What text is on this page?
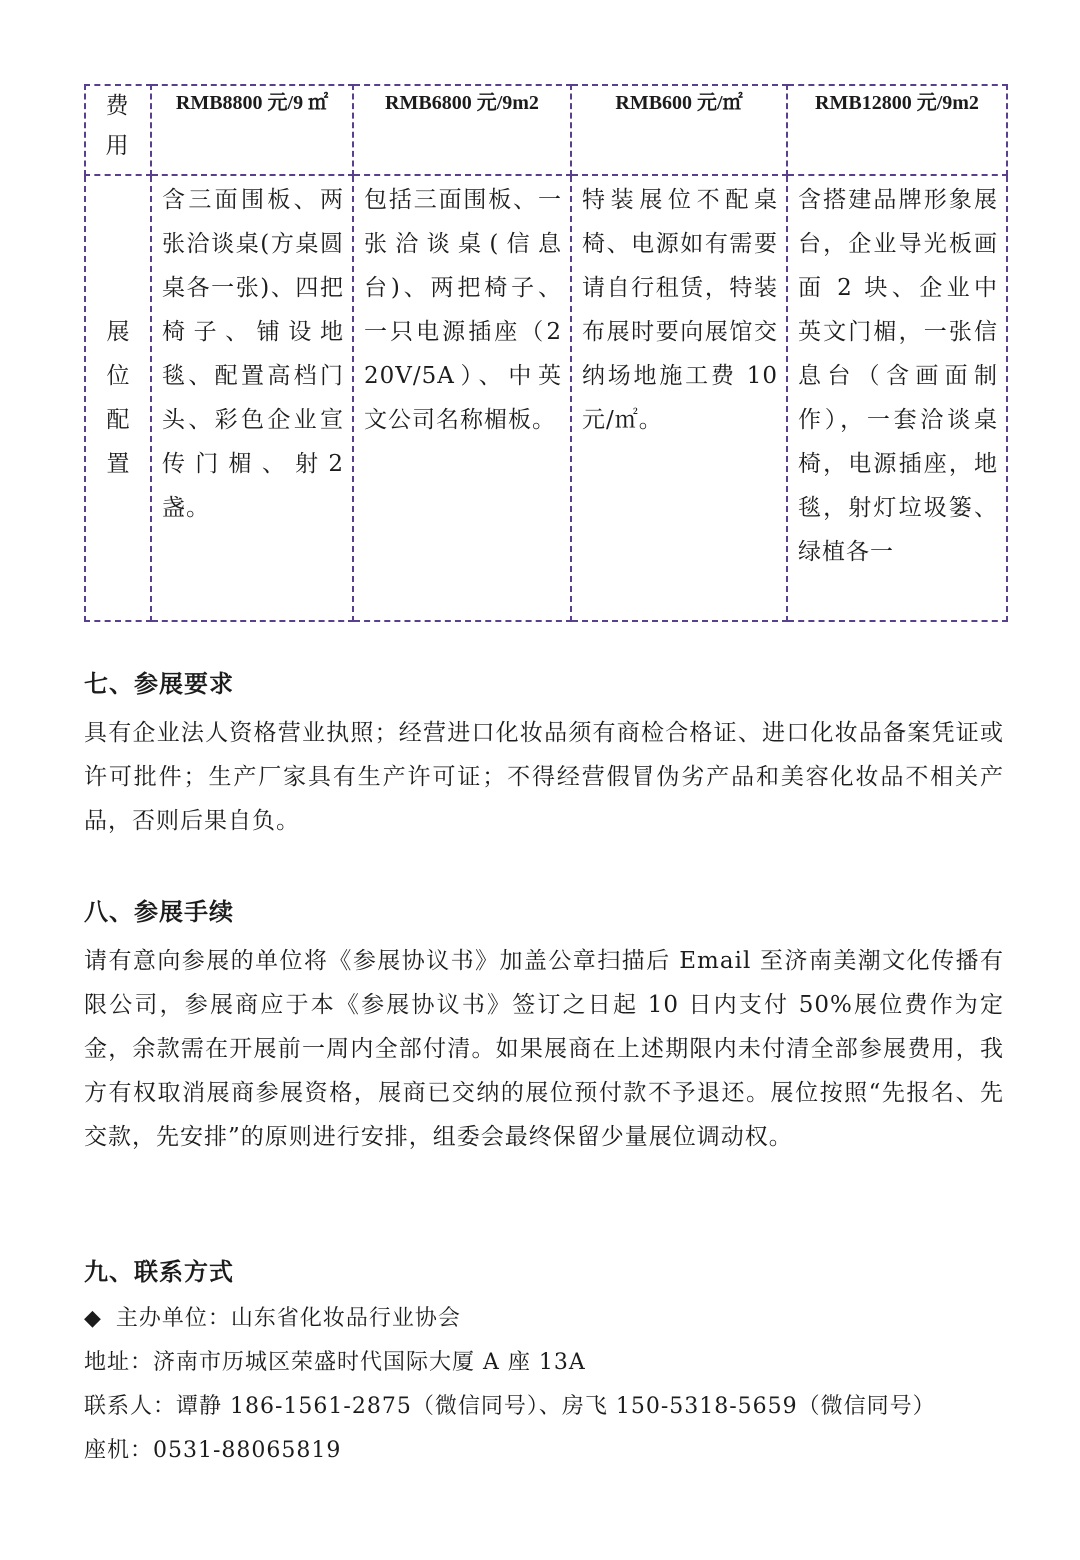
费
用	RMB8800 元/9 ㎡	RMB6800 元/9m2	RMB600 元/㎡	RMB12800 元/9m2

展
位
配
置	含三面围板、两张洽谈桌(方桌圆桌各一张)、四把椅子、铺设地毯、配置高档门头、彩色企业宣传门楣、射2盏。	包括三面围板、一张洽谈桌(信息台)、两把椅子、一只电源插座（220V/5A）、中英文公司名称楣板。	特装展位不配桌椅、电源如有需要请自行租赁，特装布展时要向展馆交纳场地施工费 10 元/㎡。	含搭建品牌形象展台，企业导光板画面 2 块、企业中英文门楣，一张信息台（含画面制作），一套洽谈桌椅，电源插座，地毯，射灯垃圾篓、绿植各一
七、参展要求

具有企业法人资格营业执照；经营进口化妆品须有商检合格证、进口化妆品备案凭证或许可批件；生产厂家具有生产许可证；不得经营假冒伪劣产品和美容化妆品不相关产品，否则后果自负。

八、参展手续

请有意向参展的单位将《参展协议书》加盖公章扫描后 Email 至济南美潮文化传播有限公司，参展商应于本《参展协议书》签订之日起 10 日内支付 50%展位费作为定金，余款需在开展前一周内全部付清。如果展商在上述期限内未付清全部参展费用，我方有权取消展商参展资格，展商已交纳的展位预付款不予退还。展位按照“先报名、先交款，先安排”的原则进行安排，组委会最终保留少量展位调动权。

九、联系方式
◆ 主办单位：山东省化妆品行业协会
地址：济南市历城区荣盛时代国际大厦 A 座 13A
联系人：谭静 186-1561-2875（微信同号）、房飞 150-5318-5659（微信同号）
座机：0531-88065819
